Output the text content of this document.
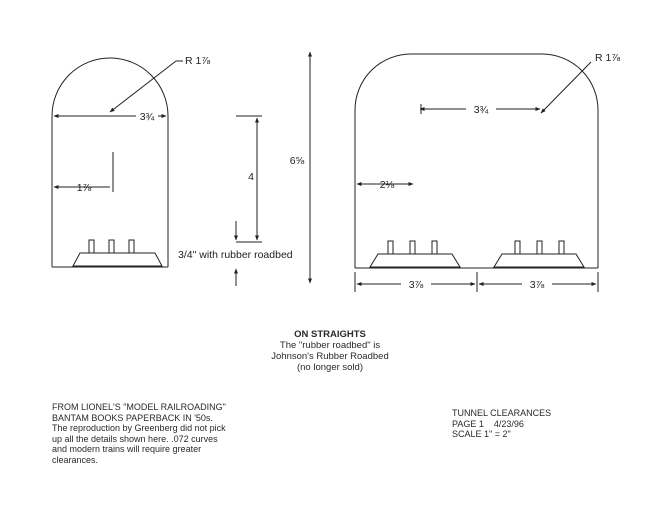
R 1⅞
3¾
1⅞
4
3/4" with rubber roadbed
6⅝
R 1⅞
3¾
2⅛
3⅞	3⅞
ON STRAIGHTS
The "rubber roadbed" is
Johnson's Rubber Roadbed
(no longer sold)
FROM LIONEL'S "MODEL RAILROADING"
BANTAM BOOKS PAPERBACK IN '50s.
The reproduction by Greenberg did not pick
up all the details shown here. .072 curves
and modern trains will require greater
clearances.
TUNNEL CLEARANCES
PAGE 1    4/23/96
SCALE 1" = 2"
